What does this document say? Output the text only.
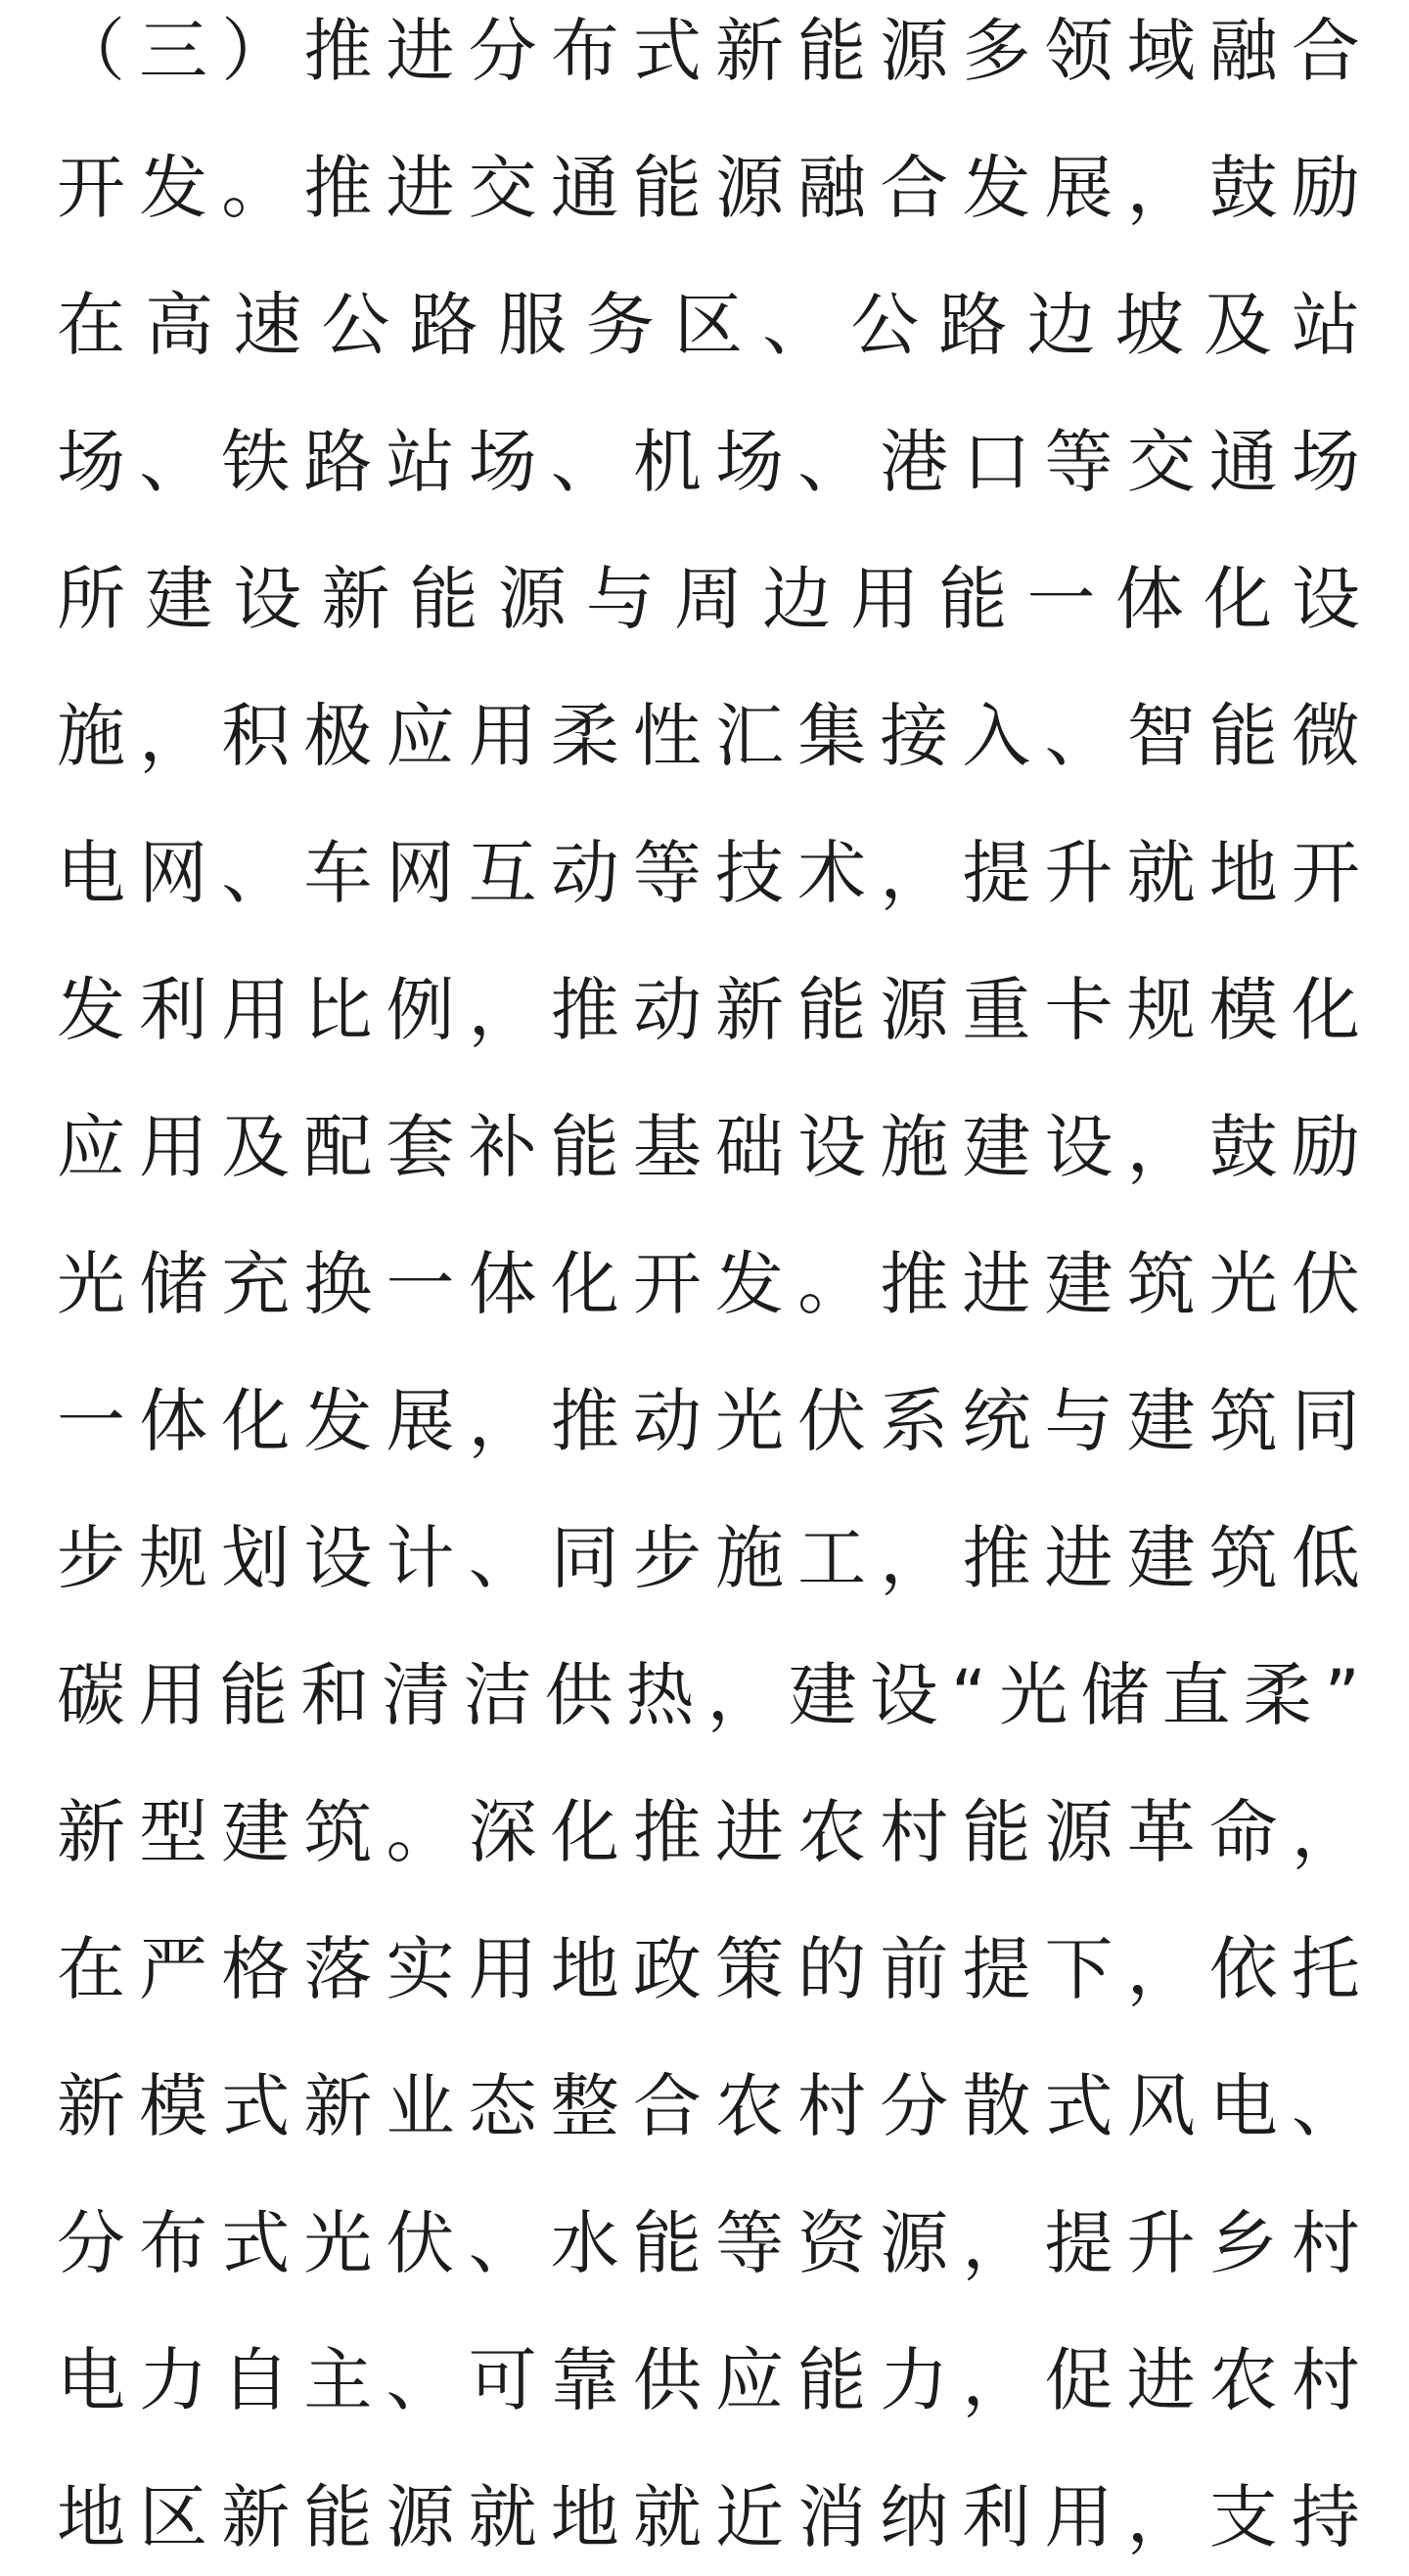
（ 三 ） 推 进 分 布 式 新 能 源 多 领 域 融 合
开 发 。 推 进 交 通 能 源 融 合 发 展 ， 鼓 励
在 高 速 公 路 服 务 区 、 公 路 边 坡 及 站
场 、 铁 路 站 场 、 机 场 、 港 口 等 交 通 场
所 建 设 新 能 源 与 周 边 用 能 一 体 化 设
施 ， 积 极 应 用 柔 性 汇 集 接 入 、 智 能 微
电 网 、 车 网 互 动 等 技 术 ， 提 升 就 地 开
发 利 用 比 例 ， 推 动 新 能 源 重 卡 规 模 化
应 用 及 配 套 补 能 基 础 设 施 建 设 ， 鼓 励
光 储 充 换 一 体 化 开 发 。 推 进 建 筑 光 伏
一 体 化 发 展 ， 推 动 光 伏 系 统 与 建 筑 同
步 规 划 设 计 、 同 步 施 工 ， 推 进 建 筑 低
碳 用 能 和 清 洁 供 热 ， 建 设 “ 光 储 直 柔 ”
新 型 建 筑 。 深 化 推 进 农 村 能 源 革 命 ，
在 严 格 落 实 用 地 政 策 的 前 提 下 ， 依 托
新 模 式 新 业 态 整 合 农 村 分 散 式 风 电 、
分 布 式 光 伏 、 水 能 等 资 源 ， 提 升 乡 村
电 力 自 主 、 可 靠 供 应 能 力 ， 促 进 农 村
地 区 新 能 源 就 地 就 近 消 纳 利 用 ， 支 持
